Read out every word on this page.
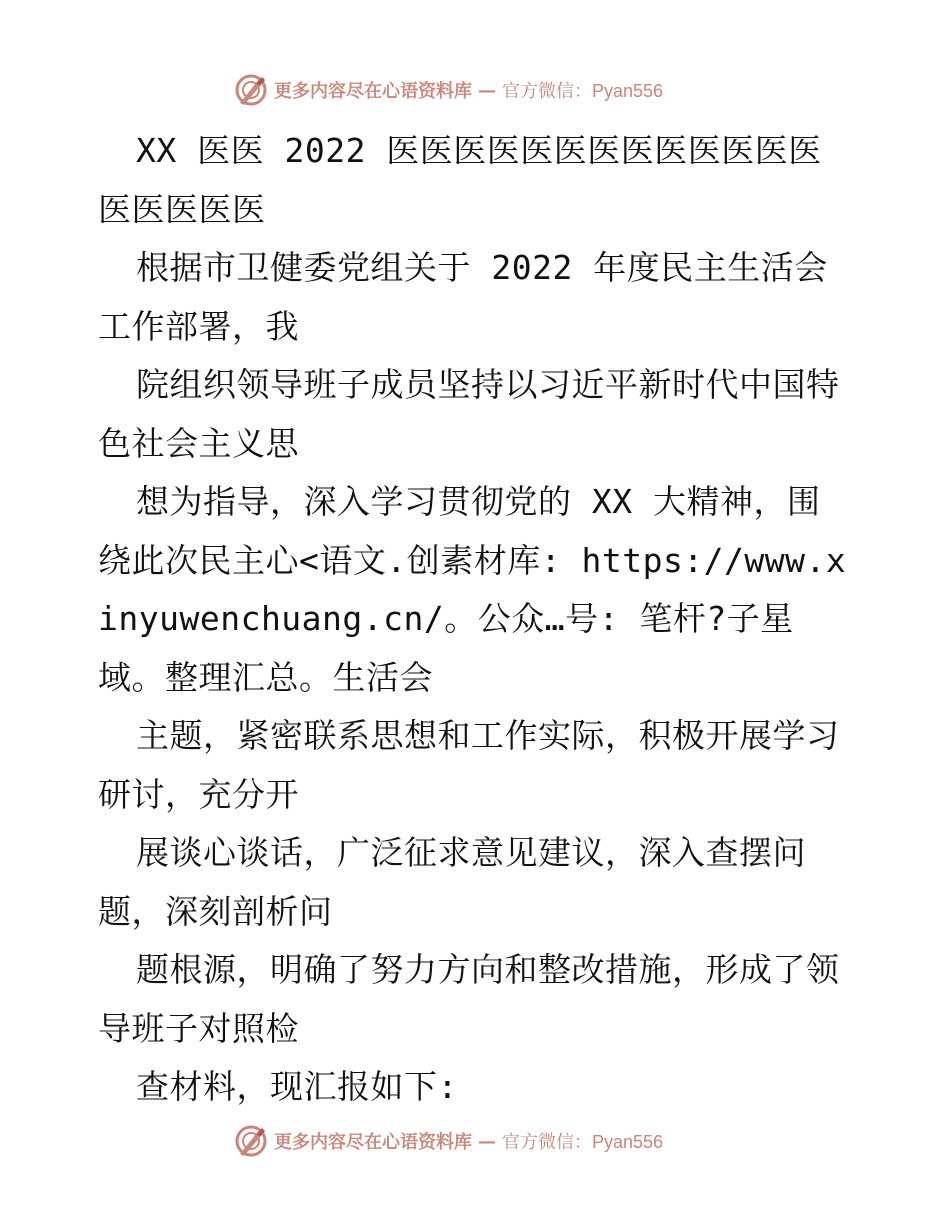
更多内容尽在心语资料库 — 官方微信：Pyan556

XX 医医 2022 医医医医医医医医医医医医医医医医医医

根据市卫健委党组关于 2022 年度民主生活会工作部署，我

院组织领导班子成员坚持以习近平新时代中国特色社会主义思

想为指导，深入学习贯彻党的 XX 大精神，围绕此次民主心<语文.创素材库: https://www.xinyuwenchuang.cn/。公众…号: 笔杆?子星域。整理汇总。生活会

主题，紧密联系思想和工作实际，积极开展学习研讨，充分开

展谈心谈话，广泛征求意见建议，深入查摆问题，深刻剖析问

题根源，明确了努力方向和整改措施，形成了领导班子对照检

查材料，现汇报如下:

更多内容尽在心语资料库 — 官方微信：Pyan556
